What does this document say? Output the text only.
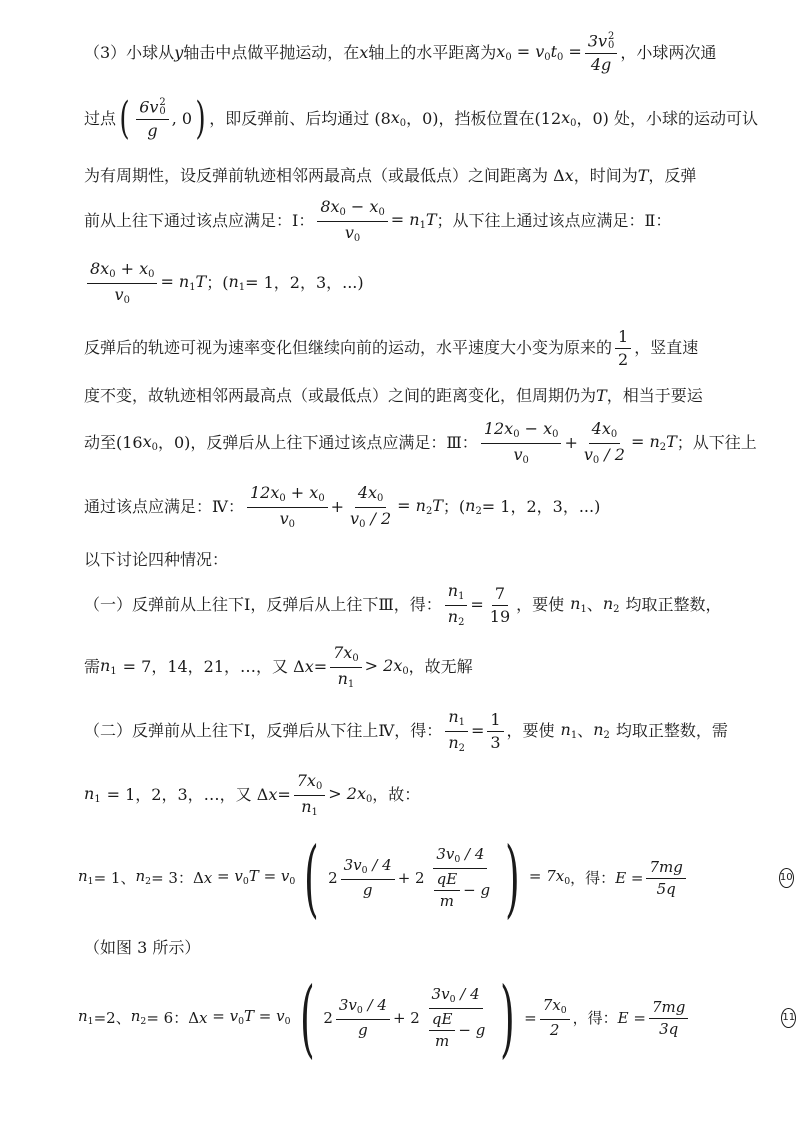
（3）小球从 y 轴击中点做平抛运动，在 x 轴上的水平距离为 $x_0 = v_0t_0 = 3v$ 2
0
4g ，小球两次通
过点 ( 6v 2
0
g , 0 ) ，即反弹前、后均通过 (8 $x_0$ ，0)，挡板位置在(12 $x_0$ ，0) 处，小球的运动可认
为有周期性，设反弹前轨迹相邻两最高点（或最低点）之间距离为 Δ x ，时间为 T ，反弹
前从上往下通过该点应满足：Ⅰ： $\frac{8x_0 - x_0}{v_0} = n_1T$ ；从下往上通过该点应满足：Ⅱ：
$\frac{8x_0 + x_0}{v_0} = n_1T$ ；( $n_1 = 1$，2，3，...)
反弹后的轨迹可视为速率变化但继续向前的运动，水平速度大小变为原来的 $\frac{1}{2}$ ，竖直速
度不变，故轨迹相邻两最高点（或最低点）之间的距离变化，但周期仍为 T ，相当于要运
动至(16 $x_0$ ，0)，反弹后从上往下通过该点应满足：Ⅲ： $\frac{12x_0 - x_0}{v_0} + \frac{4x_0}{v_0 / 2} = n_2T$ ；从下往上
通过该点应满足：Ⅳ： $\frac{12x_0 + x_0}{v_0} + \frac{4x_0}{v_0 / 2} = n_2T$ ；( $n_2 = 1$，2，3，...)
以下讨论四种情况：
（一）反弹前从上往下Ⅰ，反弹后从上往下Ⅲ，得： $\frac{n_1}{n_2} = \frac{7}{19}$ ，要使 $n_1$ 、 $n_2$ 均取正整数，
需 $n_1 = 7$，14，21，…，又 Δ $x = \frac{7x_0}{n_1} > 2x_0$ ，故无解
（二）反弹前从上往下Ⅰ，反弹后从下往上Ⅳ，得： $\frac{n_1}{n_2} = \frac{1}{3}$ ，要使 $n_1$ 、 $n_2$ 均取正整数，需
$n_1 = 1$，2，3，…，又 Δ $x = \frac{7x_0}{n_1} > 2x_0$ ，故：
$n_1 = 1$、 $n_2 = 3$：Δ $x = v_0T = v_0$ ( $2 \frac{3v_0 / 4}{g} + 2 \frac{3v_0 / 4}{\frac{qE}{m} - g}$ ) = $7x_0$ ，得： $E = \frac{7mg}{5q}$	10
（如图 3 所示）
$n_1 =2$、 $n_2 = 6$：Δ $x = v_0T = v_0$ ( $2 \frac{3v_0 / 4}{g} + 2 \frac{3v_0 / 4}{\frac{qE}{m} - g}$ ) = $\frac{7x_0}{2}$ ，得： $E = \frac{7mg}{3q}$	11
